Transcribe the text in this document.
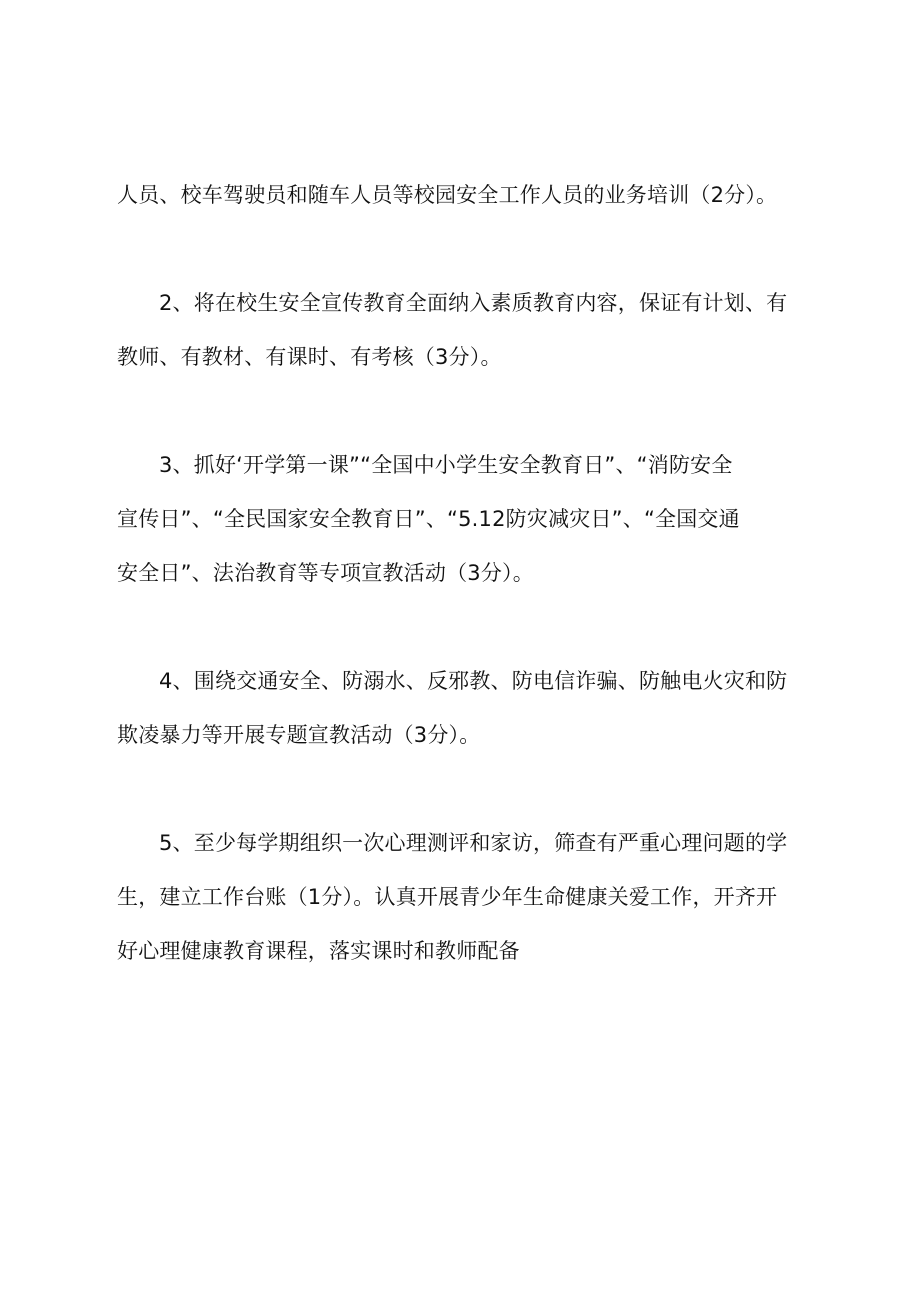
人员、校车驾驶员和随车人员等校园安全工作人员的业务培训（2分）。

2、将在校生安全宣传教育全面纳入素质教育内容，保证有计划、有
教师、有教材、有课时、有考核（3分）。

3、抓好‘开学第一课”“全国中小学生安全教育日”、“消防安全
宣传日”、“全民国家安全教育日”、“5.12防灾减灾日”、“全国交通
安全日”、法治教育等专项宣教活动（3分）。

4、围绕交通安全、防溺水、反邪教、防电信诈骗、防触电火灾和防
欺凌暴力等开展专题宣教活动（3分）。

5、至少每学期组织一次心理测评和家访，筛查有严重心理问题的学
生，建立工作台账（1分）。认真开展青少年生命健康关爱工作，开齐开
好心理健康教育课程，落实课时和教师配备
